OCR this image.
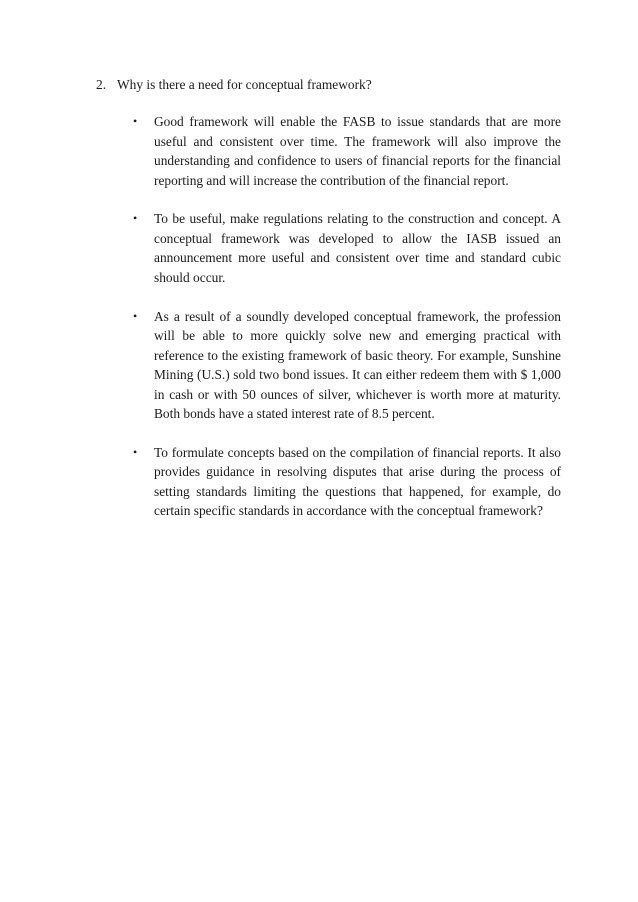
2. Why is there a need for conceptual framework?
•	Good framework will enable the FASB to issue standards that are more useful and consistent over time. The framework will also improve the understanding and confidence to users of financial reports for the financial reporting and will increase the contribution of the financial report.
•	To be useful, make regulations relating to the construction and concept. A conceptual framework was developed to allow the IASB issued an announcement more useful and consistent over time and standard cubic should occur.
•	As a result of a soundly developed conceptual framework, the profession will be able to more quickly solve new and emerging practical with reference to the existing framework of basic theory. For example, Sunshine Mining (U.S.) sold two bond issues. It can either redeem them with $ 1,000 in cash or with 50 ounces of silver, whichever is worth more at maturity. Both bonds have a stated interest rate of 8.5 percent.
•	To formulate concepts based on the compilation of financial reports. It also provides guidance in resolving disputes that arise during the process of setting standards limiting the questions that happened, for example, do certain specific standards in accordance with the conceptual framework?
